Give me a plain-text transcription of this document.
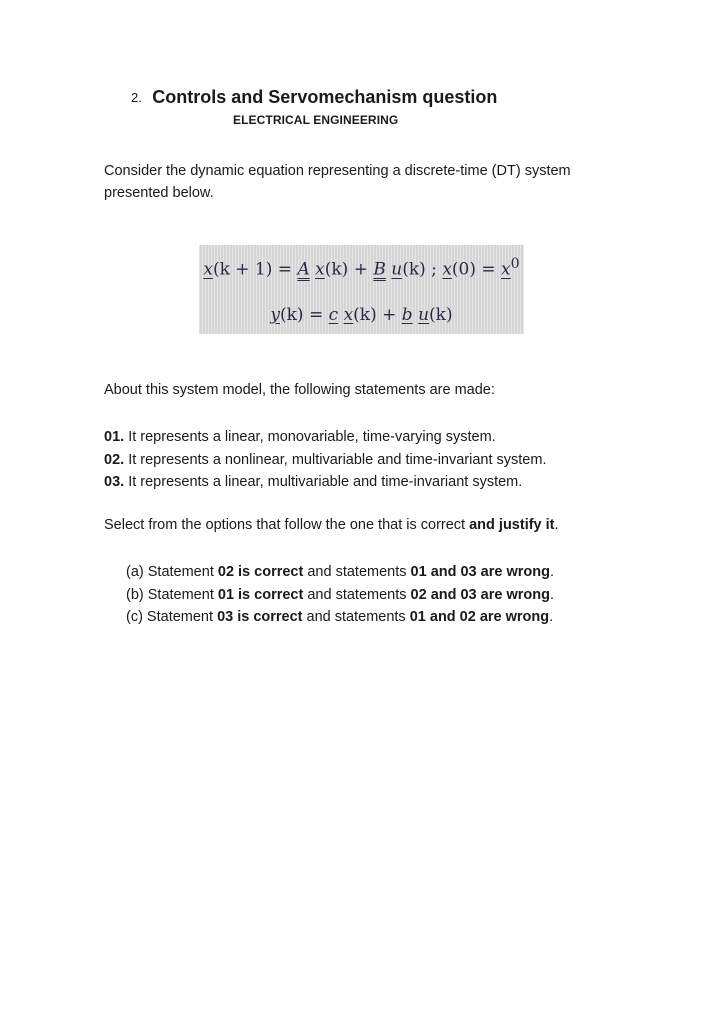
2. Controls and Servomechanism question
ELECTRICAL ENGINEERING
Consider the dynamic equation representing a discrete-time (DT) system presented below.
x(k + 1) = A x(k) + B u(k) ; $x(0) = x^0$
y(k) = c x(k) + b u(k)
About this system model, the following statements are made:
01. It represents a linear, monovariable, time-varying system.
02. It represents a nonlinear, multivariable and time-invariant system.
03. It represents a linear, multivariable and time-invariant system.
Select from the options that follow the one that is correct and justify it.
(a) Statement 02 is correct and statements 01 and 03 are wrong.
(b) Statement 01 is correct and statements 02 and 03 are wrong.
(c) Statement 03 is correct and statements 01 and 02 are wrong.
